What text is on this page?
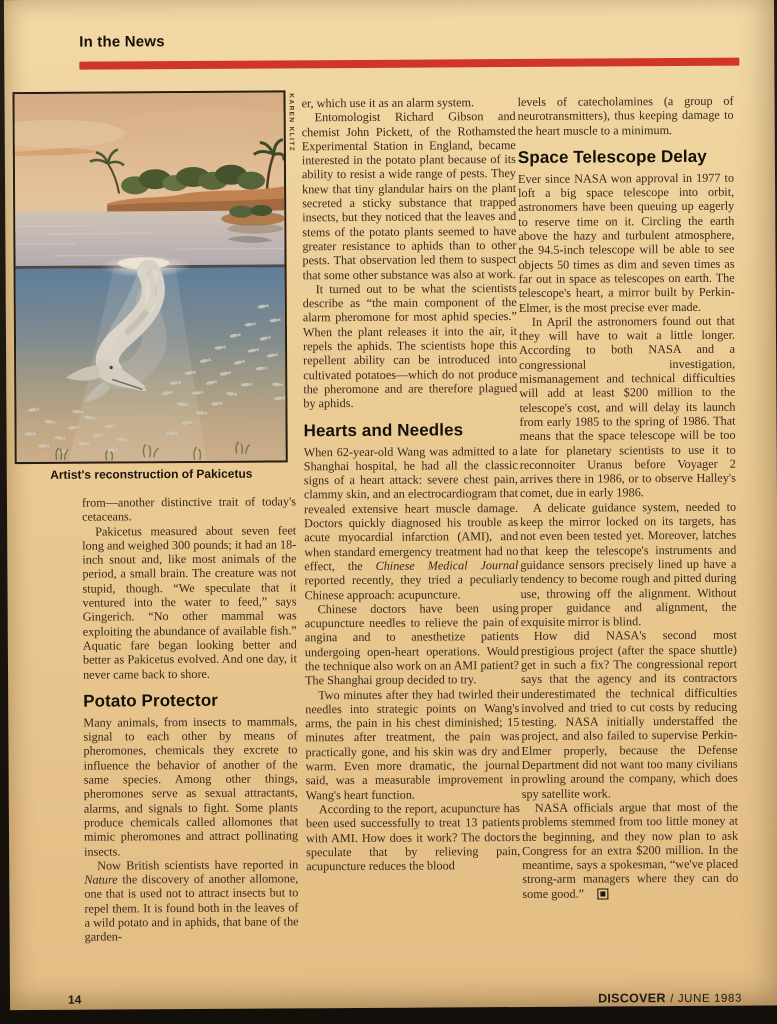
In the News
KAREN KLITZ
Artist's reconstruction of Pakicetus

from—another distinctive trait of today's cetaceans.

Pakicetus measured about seven feet long and weighed 300 pounds; it had an 18-inch snout and, like most animals of the period, a small brain. The creature was not stupid, though. “We speculate that it ventured into the water to feed,” says Gingerich. “No other mammal was exploiting the abundance of available fish.” Aquatic fare began looking better and better as Pakicetus evolved. And one day, it never came back to shore.

Potato Protector

Many animals, from insects to mammals, signal to each other by means of pheromones, chemicals they excrete to influence the behavior of another of the same species. Among other things, pheromones serve as sexual attractants, alarms, and signals to fight. Some plants produce chemicals called allomones that mimic pheromones and attract pollinating insects.

Now British scientists have reported in Nature the discovery of another allomone, one that is used not to attract insects but to repel them. It is found both in the leaves of a wild potato and in aphids, that bane of the garden-

er, which use it as an alarm system.

Entomologist Richard Gibson and chemist John Pickett, of the Rothamsted Experimental Station in England, became interested in the potato plant because of its ability to resist a wide range of pests. They knew that tiny glandular hairs on the plant secreted a sticky substance that trapped insects, but they noticed that the leaves and stems of the potato plants seemed to have greater resistance to aphids than to other pests. That observation led them to suspect that some other substance was also at work.

It turned out to be what the scientists describe as “the main component of the alarm pheromone for most aphid species.” When the plant releases it into the air, it repels the aphids. The scientists hope this repellent ability can be introduced into cultivated potatoes—which do not produce the pheromone and are therefore plagued by aphids.

Hearts and Needles

When 62-year-old Wang was admitted to a Shanghai hospital, he had all the classic signs of a heart attack: severe chest pain, clammy skin, and an electrocardiogram that revealed extensive heart muscle damage. Doctors quickly diagnosed his trouble as acute myocardial infarction (AMI), and when standard emergency treatment had no effect, the Chinese Medical Journal reported recently, they tried a peculiarly Chinese approach: acupuncture.

Chinese doctors have been using acupuncture needles to relieve the pain of angina and to anesthetize patients undergoing open-heart operations. Would the technique also work on an AMI patient? The Shanghai group decided to try.

Two minutes after they had twirled their needles into strategic points on Wang's arms, the pain in his chest diminished; 15 minutes after treatment, the pain was practically gone, and his skin was dry and warm. Even more dramatic, the journal said, was a measurable improvement in Wang's heart function.

According to the report, acupuncture has been used successfully to treat 13 patients with AMI. How does it work? The doctors speculate that by relieving pain, acupuncture reduces the blood

levels of catecholamines (a group of neurotransmitters), thus keeping damage to the heart muscle to a minimum.

Space Telescope Delay

Ever since NASA won approval in 1977 to loft a big space telescope into orbit, astronomers have been queuing up eagerly to reserve time on it. Circling the earth above the hazy and turbulent atmosphere, the 94.5-inch telescope will be able to see objects 50 times as dim and seven times as far out in space as telescopes on earth. The telescope's heart, a mirror built by Perkin-Elmer, is the most precise ever made.

In April the astronomers found out that they will have to wait a little longer. According to both NASA and a congressional investigation, mismanagement and technical difficulties will add at least $200 million to the telescope's cost, and will delay its launch from early 1985 to the spring of 1986. That means that the space telescope will be too late for planetary scientists to use it to reconnoiter Uranus before Voyager 2 arrives there in 1986, or to observe Halley's comet, due in early 1986.

A delicate guidance system, needed to keep the mirror locked on its targets, has not even been tested yet. Moreover, latches that keep the telescope's instruments and guidance sensors precisely lined up have a tendency to become rough and pitted during use, throwing off the alignment. Without proper guidance and alignment, the exquisite mirror is blind.

How did NASA's second most prestigious project (after the space shuttle) get in such a fix? The congressional report says that the agency and its contractors underestimated the technical difficulties involved and tried to cut costs by reducing testing. NASA initially understaffed the project, and also failed to supervise Perkin-Elmer properly, because the Defense Department did not want too many civilians prowling around the company, which does spy satellite work.

NASA officials argue that most of the problems stemmed from too little money at the beginning, and they now plan to ask Congress for an extra $200 million. In the meantime, says a spokesman, “we've placed strong-arm managers where they can do some good.”

14	DISCOVER / JUNE 1983
